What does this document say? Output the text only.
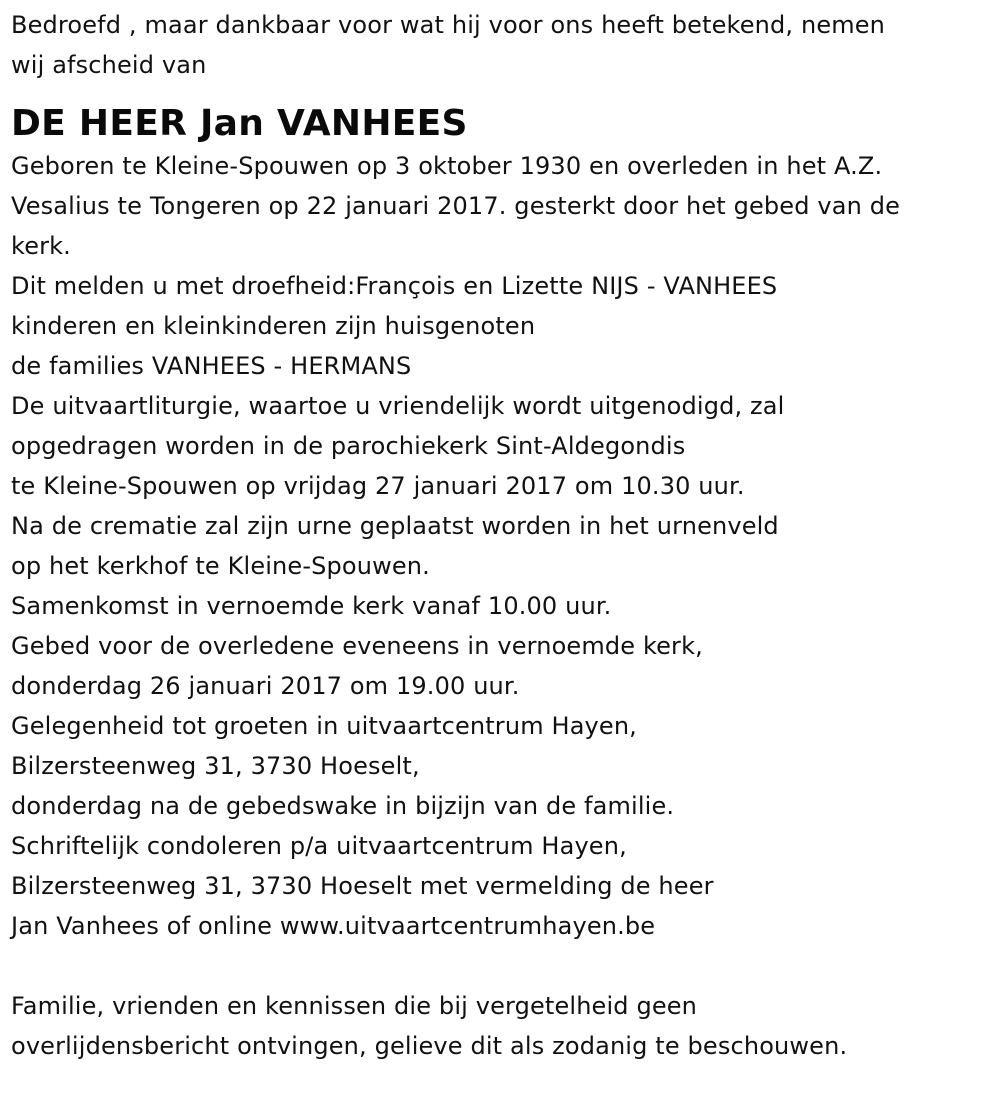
Bedroefd , maar dankbaar voor wat hij voor ons heeft betekend, nemen
wij afscheid van
DE HEER Jan VANHEES
Geboren te Kleine-Spouwen op 3 oktober 1930 en overleden in het A.Z.
Vesalius te Tongeren op 22 januari 2017. gesterkt door het gebed van de
kerk.
Dit melden u met droefheid:François en Lizette NIJS - VANHEES
kinderen en kleinkinderen zijn huisgenoten
de families VANHEES - HERMANS
De uitvaartliturgie, waartoe u vriendelijk wordt uitgenodigd, zal
opgedragen worden in de parochiekerk Sint-Aldegondis
te Kleine-Spouwen op vrijdag 27 januari 2017 om 10.30 uur.
Na de crematie zal zijn urne geplaatst worden in het urnenveld
op het kerkhof te Kleine-Spouwen.
Samenkomst in vernoemde kerk vanaf 10.00 uur.
Gebed voor de overledene eveneens in vernoemde kerk,
donderdag 26 januari 2017 om 19.00 uur.
Gelegenheid tot groeten in uitvaartcentrum Hayen,
Bilzersteenweg 31, 3730 Hoeselt,
donderdag na de gebedswake in bijzijn van de familie.
Schriftelijk condoleren p/a uitvaartcentrum Hayen,
Bilzersteenweg 31, 3730 Hoeselt met vermelding de heer
Jan Vanhees of online www.uitvaartcentrumhayen.be
Familie, vrienden en kennissen die bij vergetelheid geen
overlijdensbericht ontvingen, gelieve dit als zodanig te beschouwen.
